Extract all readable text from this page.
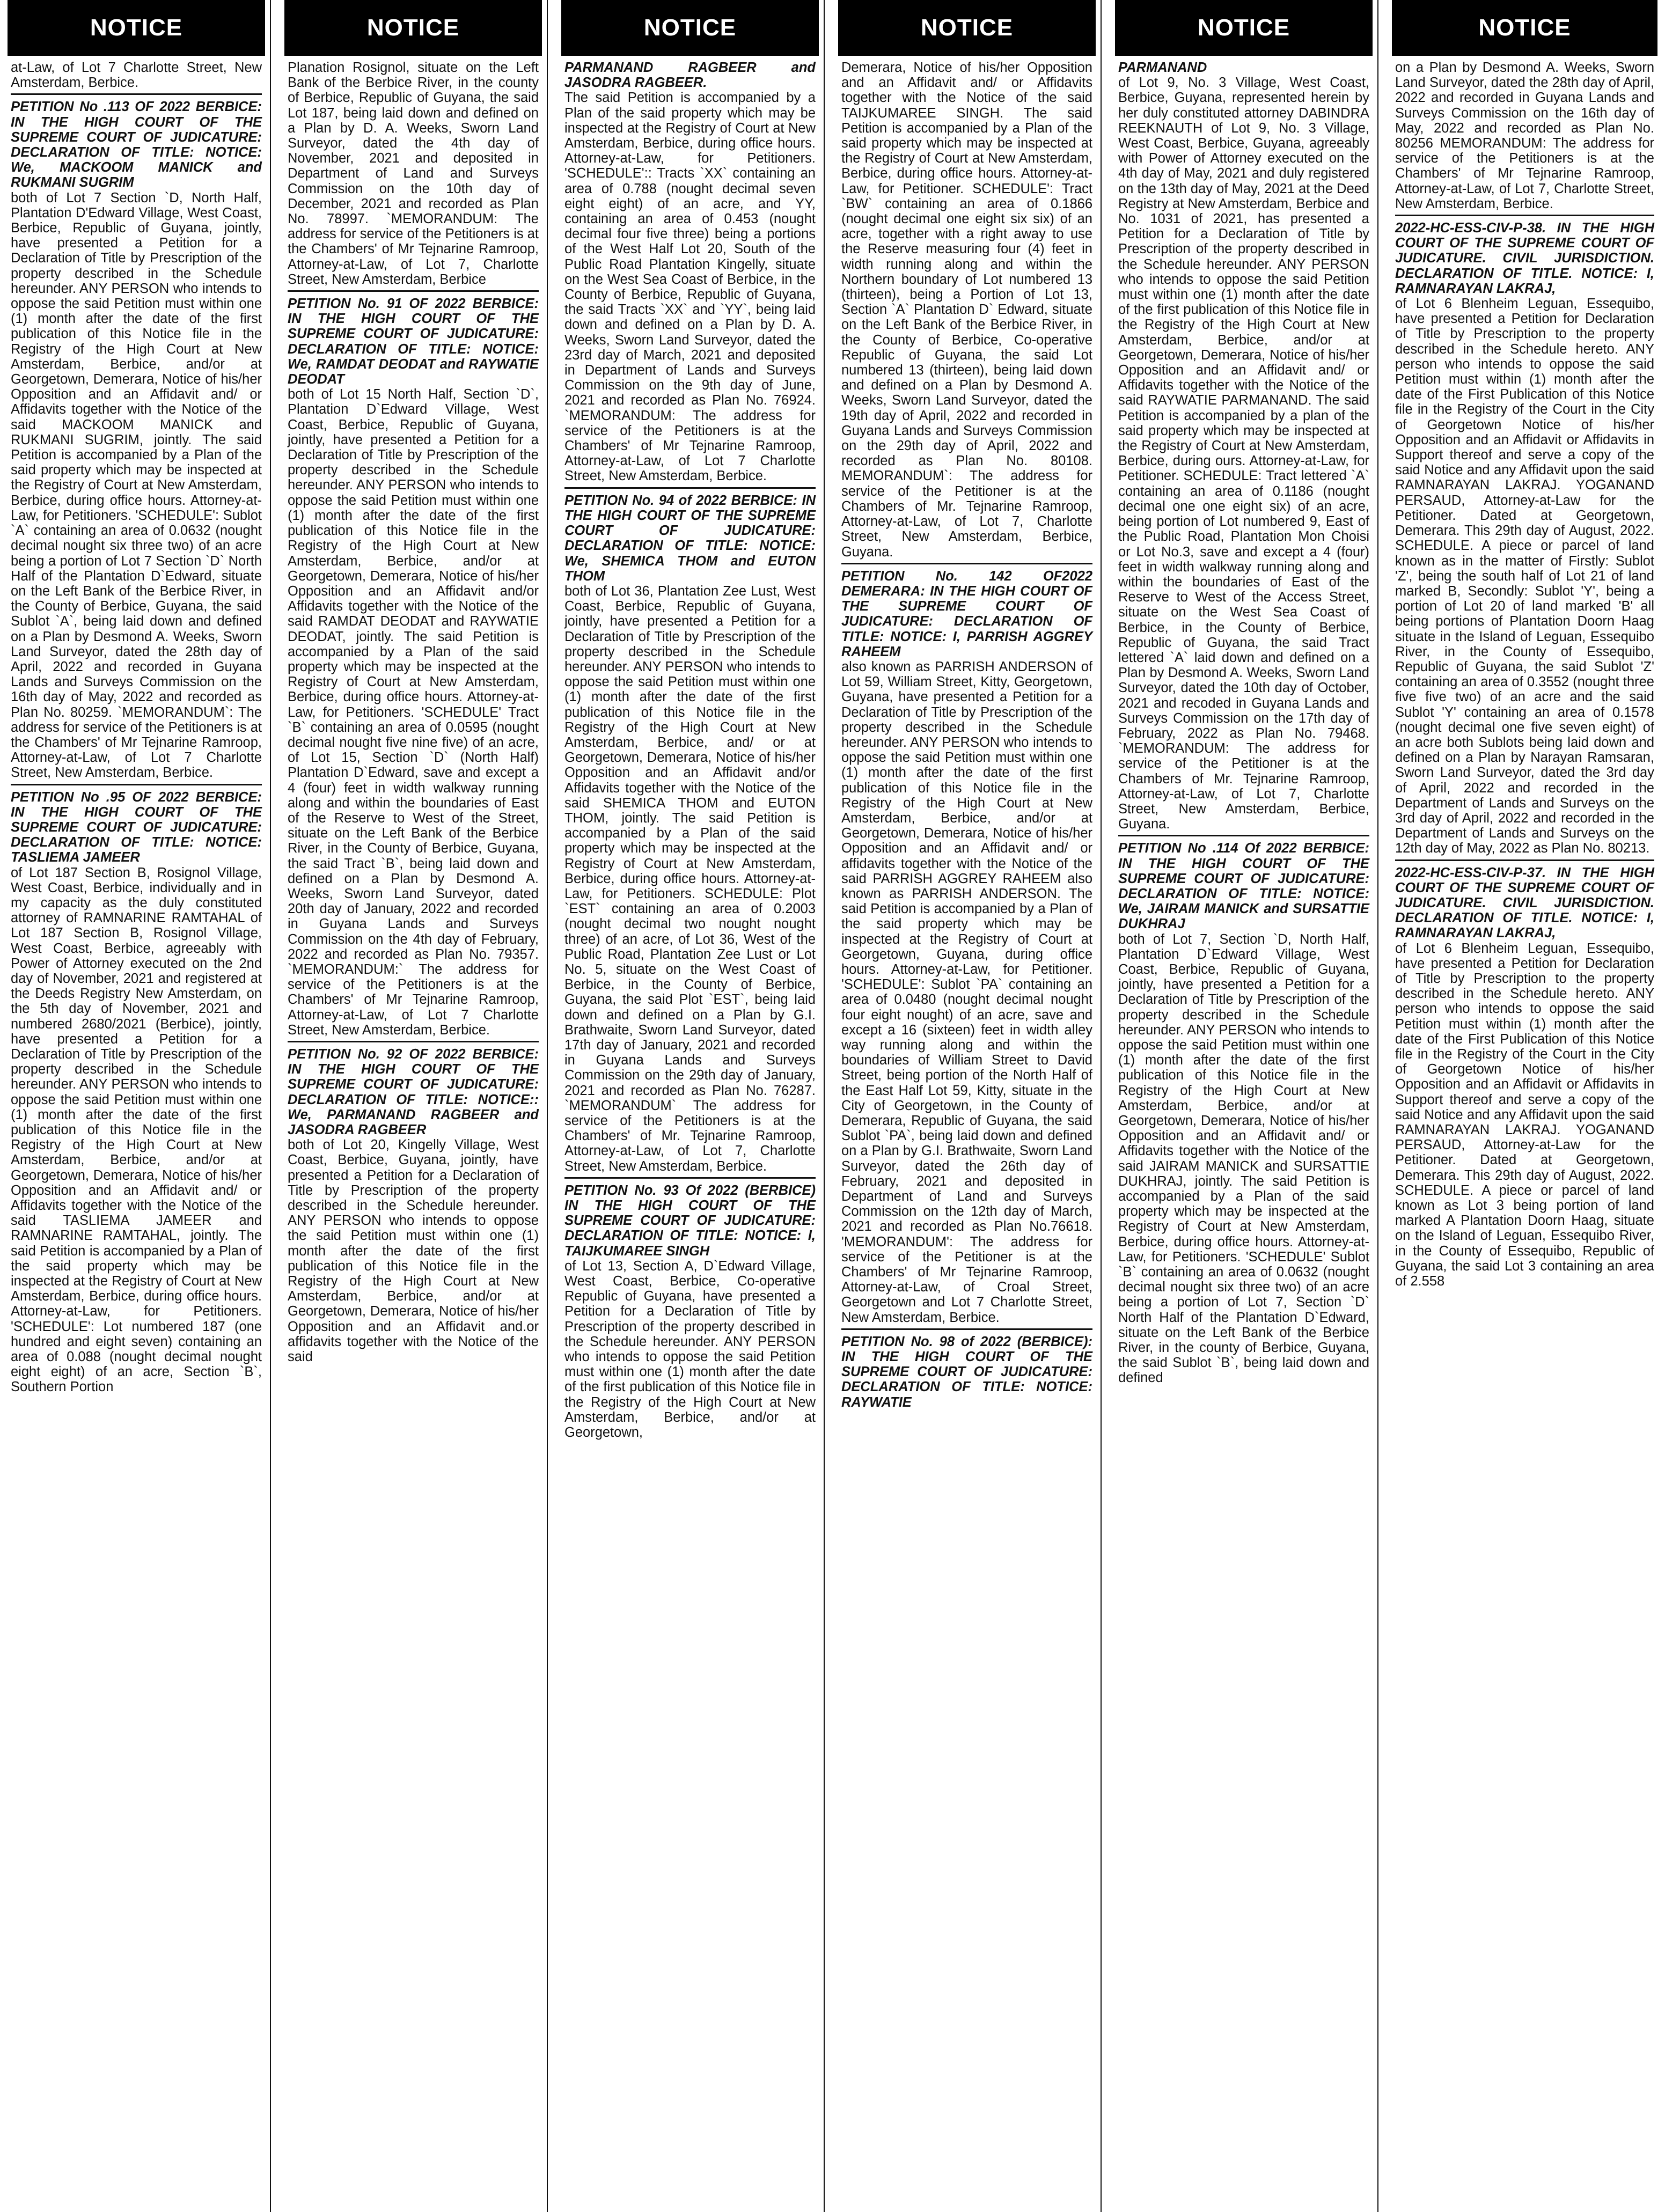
NOTICE

at-Law, of Lot 7 Charlotte Street, New Amsterdam, Berbice.

PETITION No .113 OF 2022 BERBICE: IN THE HIGH COURT OF THE SUPREME COURT OF JUDICATURE: DECLARATION OF TITLE: NOTICE: We, MACKOOM MANICK and RUKMANI SUGRIM

both of Lot 7 Section `D, North Half, Plantation D'Edward Village, West Coast, Berbice, Republic of Guyana, jointly, have presented a Petition for a Declaration of Title by Prescription of the property described in the Schedule hereunder. ANY PERSON who intends to oppose the said Petition must within one (1) month after the date of the first publication of this Notice file in the Registry of the High Court at New Amsterdam, Berbice, and/or at Georgetown, Demerara, Notice of his/her Opposition and an Affidavit and/ or Affidavits together with the Notice of the said MACKOOM MANICK and RUKMANI SUGRIM, jointly. The said Petition is accompanied by a Plan of the said property which may be inspected at the Registry of Court at New Amsterdam, Berbice, during office hours. Attorney-at-Law, for Petitioners. 'SCHEDULE': Sublot `A` containing an area of 0.0632 (nought decimal nought six three two) of an acre being a portion of Lot 7 Section `D` North Half of the Plantation D`Edward, situate on the Left Bank of the Berbice River, in the County of Berbice, Guyana, the said Sublot `A`, being laid down and defined on a Plan by Desmond A. Weeks, Sworn Land Surveyor, dated the 28th day of April, 2022 and recorded in Guyana Lands and Surveys Commission on the 16th day of May, 2022 and recorded as Plan No. 80259. `MEMORANDUM`: The address for service of the Petitioners is at the Chambers' of Mr Tejnarine Ramroop, Attorney-at-Law, of Lot 7 Charlotte Street, New Amsterdam, Berbice.

PETITION No .95 OF 2022 BERBICE: IN THE HIGH COURT OF THE SUPREME COURT OF JUDICATURE: DECLARATION OF TITLE: NOTICE: TASLIEMA JAMEER

of Lot 187 Section B, Rosignol Village, West Coast, Berbice, individually and in my capacity as the duly constituted attorney of RAMNARINE RAMTAHAL of Lot 187 Section B, Rosignol Village, West Coast, Berbice, agreeably with Power of Attorney executed on the 2nd day of November, 2021 and registered at the Deeds Registry New Amsterdam, on the 5th day of November, 2021 and numbered 2680/2021 (Berbice), jointly, have presented a Petition for a Declaration of Title by Prescription of the property described in the Schedule hereunder. ANY PERSON who intends to oppose the said Petition must within one (1) month after the date of the first publication of this Notice file in the Registry of the High Court at New Amsterdam, Berbice, and/or at Georgetown, Demerara, Notice of his/her Opposition and an Affidavit and/ or Affidavits together with the Notice of the said TASLIEMA JAMEER and RAMNARINE RAMTAHAL, jointly. The said Petition is accompanied by a Plan of the said property which may be inspected at the Registry of Court at New Amsterdam, Berbice, during office hours. Attorney-at-Law, for Petitioners. 'SCHEDULE': Lot numbered 187 (one hundred and eight seven) containing an area of 0.088 (nought decimal nought eight eight) of an acre, Section `B`, Southern Portion

NOTICE

Planation Rosignol, situate on the Left Bank of the Berbice River, in the county of Berbice, Republic of Guyana, the said Lot 187, being laid down and defined on a Plan by D. A. Weeks, Sworn Land Surveyor, dated the 4th day of November, 2021 and deposited in Department of Land and Surveys Commission on the 10th day of December, 2021 and recorded as Plan No. 78997. `MEMORANDUM: The address for service of the Petitioners is at the Chambers' of Mr Tejnarine Ramroop, Attorney-at-Law, of Lot 7, Charlotte Street, New Amsterdam, Berbice

PETITION No. 91 OF 2022 BERBICE: IN THE HIGH COURT OF THE SUPREME COURT OF JUDICATURE: DECLARATION OF TITLE: NOTICE: We, RAMDAT DEODAT and RAYWATIE DEODAT

both of Lot 15 North Half, Section `D`, Plantation D`Edward Village, West Coast, Berbice, Republic of Guyana, jointly, have presented a Petition for a Declaration of Title by Prescription of the property described in the Schedule hereunder. ANY PERSON who intends to oppose the said Petition must within one (1) month after the date of the first publication of this Notice file in the Registry of the High Court at New Amsterdam, Berbice, and/or at Georgetown, Demerara, Notice of his/her Opposition and an Affidavit and/or Affidavits together with the Notice of the said RAMDAT DEODAT and RAYWATIE DEODAT, jointly. The said Petition is accompanied by a Plan of the said property which may be inspected at the Registry of Court at New Amsterdam, Berbice, during office hours. Attorney-at-Law, for Petitioners. 'SCHEDULE' Tract `B` containing an area of 0.0595 (nought decimal nought five nine five) of an acre, of Lot 15, Section `D` (North Half) Plantation D`Edward, save and except a 4 (four) feet in width walkway running along and within the boundaries of East of the Reserve to West of the Street, situate on the Left Bank of the Berbice River, in the County of Berbice, Guyana, the said Tract `B`, being laid down and defined on a Plan by Desmond A. Weeks, Sworn Land Surveyor, dated 20th day of January, 2022 and recorded in Guyana Lands and Surveys Commission on the 4th day of February, 2022 and recorded as Plan No. 79357. `MEMORANDUM:` The address for service of the Petitioners is at the Chambers' of Mr Tejnarine Ramroop, Attorney-at-Law, of Lot 7 Charlotte Street, New Amsterdam, Berbice.

PETITION No. 92 OF 2022 BERBICE: IN THE HIGH COURT OF THE SUPREME COURT OF JUDICATURE: DECLARATION OF TITLE: NOTICE:: We, PARMANAND RAGBEER and JASODRA RAGBEER

both of Lot 20, Kingelly Village, West Coast, Berbice, Guyana, jointly, have presented a Petition for a Declaration of Title by Prescription of the property described in the Schedule hereunder. ANY PERSON who intends to oppose the said Petition must within one (1) month after the date of the first publication of this Notice file in the Registry of the High Court at New Amsterdam, Berbice, and/or at Georgetown, Demerara, Notice of his/her Opposition and an Affidavit and.or affidavits together with the Notice of the said

NOTICE

PARMANAND RAGBEER and JASODRA RAGBEER.

The said Petition is accompanied by a Plan of the said property which may be inspected at the Registry of Court at New Amsterdam, Berbice, during office hours. Attorney-at-Law, for Petitioners. 'SCHEDULE':: Tracts `XX` containing an area of 0.788 (nought decimal seven eight eight) of an acre, and YY, containing an area of 0.453 (nought decimal four five three) being a portions of the West Half Lot 20, South of the Public Road Plantation Kingelly, situate on the West Sea Coast of Berbice, in the County of Berbice, Republic of Guyana, the said Tracts `XX` and `YY`, being laid down and defined on a Plan by D. A. Weeks, Sworn Land Surveyor, dated the 23rd day of March, 2021 and deposited in Department of Lands and Surveys Commission on the 9th day of June, 2021 and recorded as Plan No. 76924. `MEMORANDUM: The address for service of the Petitioners is at the Chambers' of Mr Tejnarine Ramroop, Attorney-at-Law, of Lot 7 Charlotte Street, New Amsterdam, Berbice.

PETITION No. 94 of 2022 BERBICE: IN THE HIGH COURT OF THE SUPREME COURT OF JUDICATURE: DECLARATION OF TITLE: NOTICE: We, SHEMICA THOM and EUTON THOM

both of Lot 36, Plantation Zee Lust, West Coast, Berbice, Republic of Guyana, jointly, have presented a Petition for a Declaration of Title by Prescription of the property described in the Schedule hereunder. ANY PERSON who intends to oppose the said Petition must within one (1) month after the date of the first publication of this Notice file in the Registry of the High Court at New Amsterdam, Berbice, and/ or at Georgetown, Demerara, Notice of his/her Opposition and an Affidavit and/or Affidavits together with the Notice of the said SHEMICA THOM and EUTON THOM, jointly. The said Petition is accompanied by a Plan of the said property which may be inspected at the Registry of Court at New Amsterdam, Berbice, during office hours. Attorney-at-Law, for Petitioners. SCHEDULE: Plot `EST` containing an area of 0.2003 (nought decimal two nought nought three) of an acre, of Lot 36, West of the Public Road, Plantation Zee Lust or Lot No. 5, situate on the West Coast of Berbice, in the County of Berbice, Guyana, the said Plot `EST`, being laid down and defined on a Plan by G.I. Brathwaite, Sworn Land Surveyor, dated 17th day of January, 2021 and recorded in Guyana Lands and Surveys Commission on the 29th day of January, 2021 and recorded as Plan No. 76287. `MEMORANDUM` The address for service of the Petitioners is at the Chambers' of Mr. Tejnarine Ramroop, Attorney-at-Law, of Lot 7, Charlotte Street, New Amsterdam, Berbice.

PETITION No. 93 Of 2022 (BERBICE) IN THE HIGH COURT OF THE SUPREME COURT OF JUDICATURE: DECLARATION OF TITLE: NOTICE: I, TAIJKUMAREE SINGH

of Lot 13, Section A, D`Edward Village, West Coast, Berbice, Co-operative Republic of Guyana, have presented a Petition for a Declaration of Title by Prescription of the property described in the Schedule hereunder. ANY PERSON who intends to oppose the said Petition must within one (1) month after the date of the first publication of this Notice file in the Registry of the High Court at New Amsterdam, Berbice, and/or at Georgetown,

NOTICE

Demerara, Notice of his/her Opposition and an Affidavit and/ or Affidavits together with the Notice of the said TAIJKUMAREE SINGH. The said Petition is accompanied by a Plan of the said property which may be inspected at the Registry of Court at New Amsterdam, Berbice, during office hours. Attorney-at-Law, for Petitioner. SCHEDULE': Tract `BW` containing an area of 0.1866 (nought decimal one eight six six) of an acre, together with a right away to use the Reserve measuring four (4) feet in width running along and within the Northern boundary of Lot numbered 13 (thirteen), being a Portion of Lot 13, Section `A` Plantation D` Edward, situate on the Left Bank of the Berbice River, in the County of Berbice, Co-operative Republic of Guyana, the said Lot numbered 13 (thirteen), being laid down and defined on a Plan by Desmond A. Weeks, Sworn Land Surveyor, dated the 19th day of April, 2022 and recorded in Guyana Lands and Surveys Commission on the 29th day of April, 2022 and recorded as Plan No. 80108. MEMORANDUM`: The address for service of the Petitioner is at the Chambers of Mr. Tejnarine Ramroop, Attorney-at-Law, of Lot 7, Charlotte Street, New Amsterdam, Berbice, Guyana.

PETITION No. 142 OF2022 DEMERARA: IN THE HIGH COURT OF THE SUPREME COURT OF JUDICATURE: DECLARATION OF TITLE: NOTICE: I, PARRISH AGGREY RAHEEM

also known as PARRISH ANDERSON of Lot 59, William Street, Kitty, Georgetown, Guyana, have presented a Petition for a Declaration of Title by Prescription of the property described in the Schedule hereunder. ANY PERSON who intends to oppose the said Petition must within one (1) month after the date of the first publication of this Notice file in the Registry of the High Court at New Amsterdam, Berbice, and/or at Georgetown, Demerara, Notice of his/her Opposition and an Affidavit and/ or affidavits together with the Notice of the said PARRISH AGGREY RAHEEM also known as PARRISH ANDERSON. The said Petition is accompanied by a Plan of the said property which may be inspected at the Registry of Court at Georgetown, Guyana, during office hours. Attorney-at-Law, for Petitioner. 'SCHEDULE': Sublot `PA` containing an area of 0.0480 (nought decimal nought four eight nought) of an acre, save and except a 16 (sixteen) feet in width alley way running along and within the boundaries of William Street to David Street, being portion of the North Half of the East Half Lot 59, Kitty, situate in the City of Georgetown, in the County of Demerara, Republic of Guyana, the said Sublot `PA`, being laid down and defined on a Plan by G.I. Brathwaite, Sworn Land Surveyor, dated the 26th day of February, 2021 and deposited in Department of Land and Surveys Commission on the 12th day of March, 2021 and recorded as Plan No.76618. 'MEMORANDUM': The address for service of the Petitioner is at the Chambers' of Mr Tejnarine Ramroop, Attorney-at-Law, of Croal Street, Georgetown and Lot 7 Charlotte Street, New Amsterdam, Berbice.

PETITION No. 98 of 2022 (BERBICE): IN THE HIGH COURT OF THE SUPREME COURT OF JUDICATURE: DECLARATION OF TITLE: NOTICE: RAYWATIE

NOTICE

PARMANAND

of Lot 9, No. 3 Village, West Coast, Berbice, Guyana, represented herein by her duly constituted attorney DABINDRA REEKNAUTH of Lot 9, No. 3 Village, West Coast, Berbice, Guyana, agreeably with Power of Attorney executed on the 4th day of May, 2021 and duly registered on the 13th day of May, 2021 at the Deed Registry at New Amsterdam, Berbice and No. 1031 of 2021, has presented a Petition for a Declaration of Title by Prescription of the property described in the Schedule hereunder. ANY PERSON who intends to oppose the said Petition must within one (1) month after the date of the first publication of this Notice file in the Registry of the High Court at New Amsterdam, Berbice, and/or at Georgetown, Demerara, Notice of his/her Opposition and an Affidavit and/ or Affidavits together with the Notice of the said RAYWATIE PARMANAND. The said Petition is accompanied by a plan of the said property which may be inspected at the Registry of Court at New Amsterdam, Berbice, during ours. Attorney-at-Law, for Petitioner. SCHEDULE: Tract lettered `A` containing an area of 0.1186 (nought decimal one one eight six) of an acre, being portion of Lot numbered 9, East of the Public Road, Plantation Mon Choisi or Lot No.3, save and except a 4 (four) feet in width walkway running along and within the boundaries of East of the Reserve to West of the Access Street, situate on the West Sea Coast of Berbice, in the County of Berbice, Republic of Guyana, the said Tract lettered `A` laid down and defined on a Plan by Desmond A. Weeks, Sworn Land Surveyor, dated the 10th day of October, 2021 and recoded in Guyana Lands and Surveys Commission on the 17th day of February, 2022 as Plan No. 79468. `MEMORANDUM: The address for service of the Petitioner is at the Chambers of Mr. Tejnarine Ramroop, Attorney-at-Law, of Lot 7, Charlotte Street, New Amsterdam, Berbice, Guyana.

PETITION No .114 Of 2022 BERBICE: IN THE HIGH COURT OF THE SUPREME COURT OF JUDICATURE: DECLARATION OF TITLE: NOTICE: We, JAIRAM MANICK and SURSATTIE DUKHRAJ

both of Lot 7, Section `D, North Half, Plantation D`Edward Village, West Coast, Berbice, Republic of Guyana, jointly, have presented a Petition for a Declaration of Title by Prescription of the property described in the Schedule hereunder. ANY PERSON who intends to oppose the said Petition must within one (1) month after the date of the first publication of this Notice file in the Registry of the High Court at New Amsterdam, Berbice, and/or at Georgetown, Demerara, Notice of his/her Opposition and an Affidavit and/ or Affidavits together with the Notice of the said JAIRAM MANICK and SURSATTIE DUKHRAJ, jointly. The said Petition is accompanied by a Plan of the said property which may be inspected at the Registry of Court at New Amsterdam, Berbice, during office hours. Attorney-at-Law, for Petitioners. 'SCHEDULE' Sublot `B` containing an area of 0.0632 (nought decimal nought six three two) of an acre being a portion of Lot 7, Section `D` North Half of the Plantation D`Edward, situate on the Left Bank of the Berbice River, in the county of Berbice, Guyana, the said Sublot `B`, being laid down and defined

NOTICE

on a Plan by Desmond A. Weeks, Sworn Land Surveyor, dated the 28th day of April, 2022 and recorded in Guyana Lands and Surveys Commission on the 16th day of May, 2022 and recorded as Plan No. 80256 MEMORANDUM: The address for service of the Petitioners is at the Chambers' of Mr Tejnarine Ramroop, Attorney-at-Law, of Lot 7, Charlotte Street, New Amsterdam, Berbice.

2022-HC-ESS-CIV-P-38. IN THE HIGH COURT OF THE SUPREME COURT OF JUDICATURE. CIVIL JURISDICTION. DECLARATION OF TITLE. NOTICE: I, RAMNARAYAN LAKRAJ,

of Lot 6 Blenheim Leguan, Essequibo, have presented a Petition for Declaration of Title by Prescription to the property described in the Schedule hereto. ANY person who intends to oppose the said Petition must within (1) month after the date of the First Publication of this Notice file in the Registry of the Court in the City of Georgetown Notice of his/her Opposition and an Affidavit or Affidavits in Support thereof and serve a copy of the said Notice and any Affidavit upon the said RAMNARAYAN LAKRAJ. YOGANAND PERSAUD, Attorney-at-Law for the Petitioner. Dated at Georgetown, Demerara. This 29th day of August, 2022. SCHEDULE. A piece or parcel of land known as in the matter of Firstly: Sublot 'Z', being the south half of Lot 21 of land marked B, Secondly: Sublot 'Y', being a portion of Lot 20 of land marked 'B' all being portions of Plantation Doorn Haag situate in the Island of Leguan, Essequibo River, in the County of Essequibo, Republic of Guyana, the said Sublot 'Z' containing an area of 0.3552 (nought three five five two) of an acre and the said Sublot 'Y' containing an area of 0.1578 (nought decimal one five seven eight) of an acre both Sublots being laid down and defined on a Plan by Narayan Ramsaran, Sworn Land Surveyor, dated the 3rd day of April, 2022 and recorded in the Department of Lands and Surveys on the 3rd day of April, 2022 and recorded in the Department of Lands and Surveys on the 12th day of May, 2022 as Plan No. 80213.

2022-HC-ESS-CIV-P-37. IN THE HIGH COURT OF THE SUPREME COURT OF JUDICATURE. CIVIL JURISDICTION. DECLARATION OF TITLE. NOTICE: I, RAMNARAYAN LAKRAJ,

of Lot 6 Blenheim Leguan, Essequibo, have presented a Petition for Declaration of Title by Prescription to the property described in the Schedule hereto. ANY person who intends to oppose the said Petition must within (1) month after the date of the First Publication of this Notice file in the Registry of the Court in the City of Georgetown Notice of his/her Opposition and an Affidavit or Affidavits in Support thereof and serve a copy of the said Notice and any Affidavit upon the said RAMNARAYAN LAKRAJ. YOGANAND PERSAUD, Attorney-at-Law for the Petitioner. Dated at Georgetown, Demerara. This 29th day of August, 2022. SCHEDULE. A piece or parcel of land known as Lot 3 being portion of land marked A Plantation Doorn Haag, situate on the Island of Leguan, Essequibo River, in the County of Essequibo, Republic of Guyana, the said Lot 3 containing an area of 2.558
